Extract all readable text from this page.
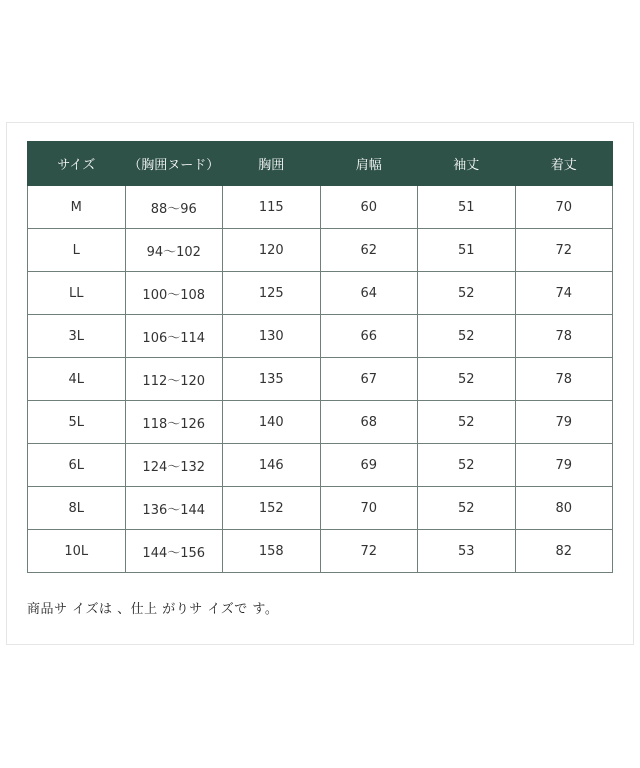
サイズ	（胸囲ヌード）	胸囲	肩幅	袖丈	着丈
M	88～96	115	60	51	70
L	94～102	120	62	51	72
LL	100～108	125	64	52	74
3L	106～114	130	66	52	78
4L	112～120	135	67	52	78
5L	118～126	140	68	52	79
6L	124～132	146	69	52	79
8L	136～144	152	70	52	80
10L	144～156	158	72	53	82
商品サ イズは 、仕上 がりサ イズで す。
